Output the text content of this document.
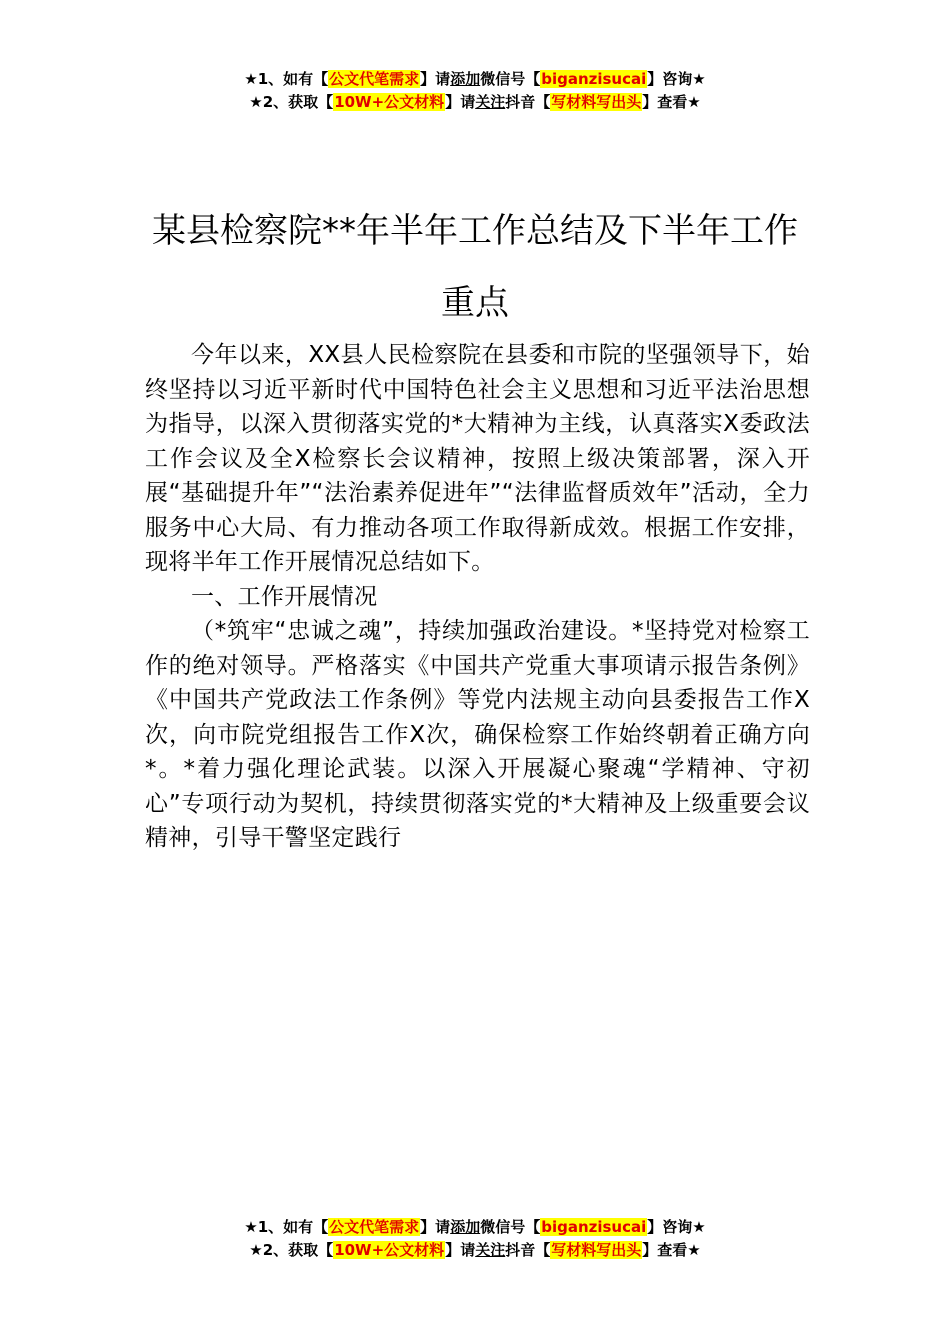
★1、如有【公文代笔需求】请添加微信号【biganzisucai】咨询★
★2、获取【10W+公文材料】请关注抖音【写材料写出头】查看★
某县检察院**年半年工作总结及下半年工作重点

今年以来，XX县人民检察院在县委和市院的坚强领导下，始终坚持以习近平新时代中国特色社会主义思想和习近平法治思想为指导，以深入贯彻落实党的*大精神为主线，认真落实X委政法工作会议及全X检察长会议精神，按照上级决策部署，深入开展“基础提升年”“法治素养促进年”“法律监督质效年”活动，全力服务中心大局、有力推动各项工作取得新成效。根据工作安排，现将半年工作开展情况总结如下。

一、工作开展情况

（*筑牢“忠诚之魂”，持续加强政治建设。*坚持党对检察工作的绝对领导。严格落实《中国共产党重大事项请示报告条例》《中国共产党政法工作条例》等党内法规主动向县委报告工作X次，向市院党组报告工作X次，确保检察工作始终朝着正确方向*。*着力强化理论武装。以深入开展凝心聚魂“学精神、守初心”专项行动为契机，持续贯彻落实党的*大精神及上级重要会议精神，引导干警坚定践行

★1、如有【公文代笔需求】请添加微信号【biganzisucai】咨询★
★2、获取【10W+公文材料】请关注抖音【写材料写出头】查看★
